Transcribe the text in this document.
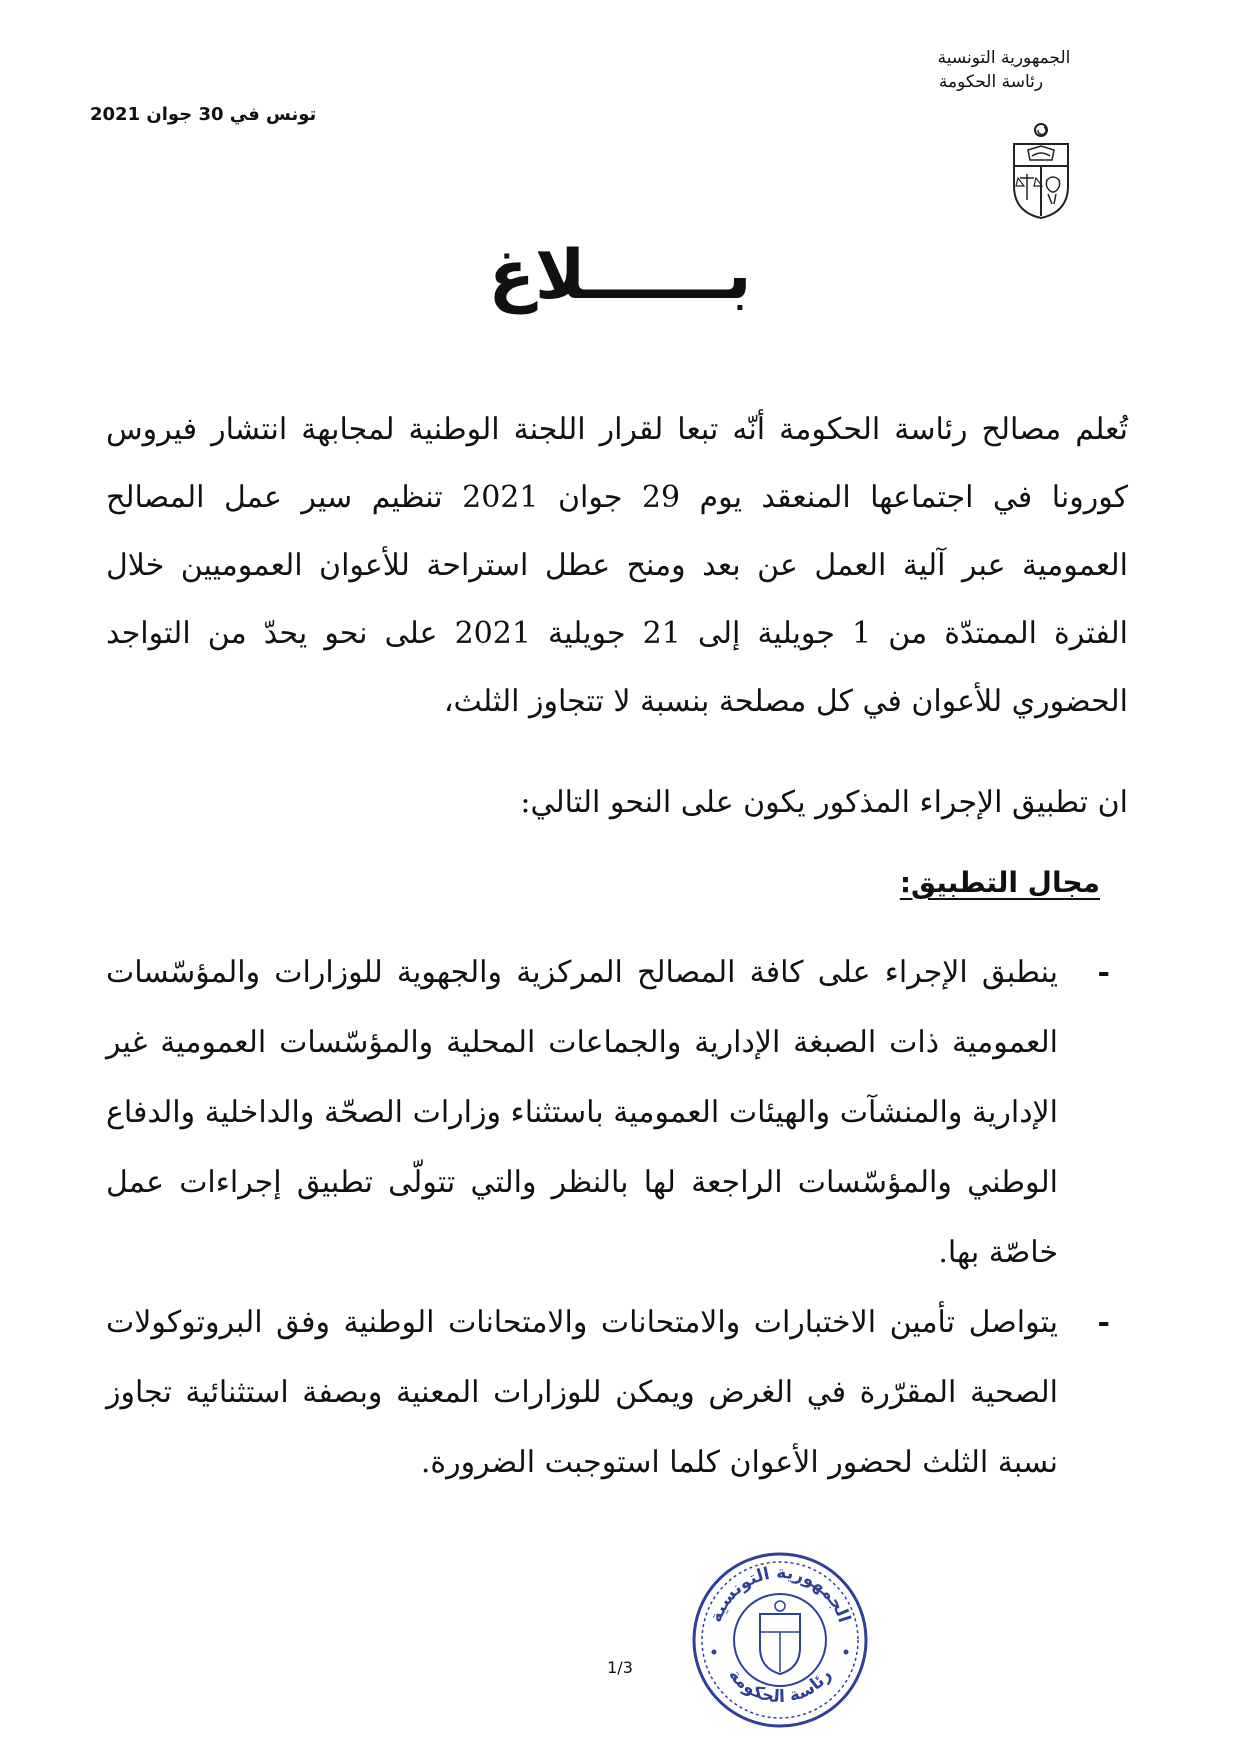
الجمهورية التونسية
رئاسة الحكومة
تونس في 30 جوان 2021
بــــــلاغ
تُعلم مصالح رئاسة الحكومة أنّه تبعا لقرار اللجنة الوطنية لمجابهة انتشار فيروس كورونا في اجتماعها المنعقد يوم 29 جوان 2021 تنظيم سير عمل المصالح العمومية عبر آلية العمل عن بعد ومنح عطل استراحة للأعوان العموميين خلال الفترة الممتدّة من 1 جويلية إلى 21 جويلية 2021 على نحو يحدّ من التواجد الحضوري للأعوان في كل مصلحة بنسبة لا تتجاوز الثلث،
ان تطبيق الإجراء المذكور يكون على النحو التالي:
مجال التطبيق:
-
ينطبق الإجراء على كافة المصالح المركزية والجهوية للوزارات والمؤسّسات العمومية ذات الصبغة الإدارية والجماعات المحلية والمؤسّسات العمومية غير الإدارية والمنشآت والهيئات العمومية باستثناء وزارات الصحّة والداخلية والدفاع الوطني والمؤسّسات الراجعة لها بالنظر والتي تتولّى تطبيق إجراءات عمل خاصّة بها.
-
يتواصل تأمين الاختبارات والامتحانات والامتحانات الوطنية وفق البروتوكولات الصحية المقرّرة في الغرض ويمكن للوزارات المعنية وبصفة استثنائية تجاوز نسبة الثلث لحضور الأعوان كلما استوجبت الضرورة.
الجمهورية التونسية
رئاسة الحكومة
1/3
